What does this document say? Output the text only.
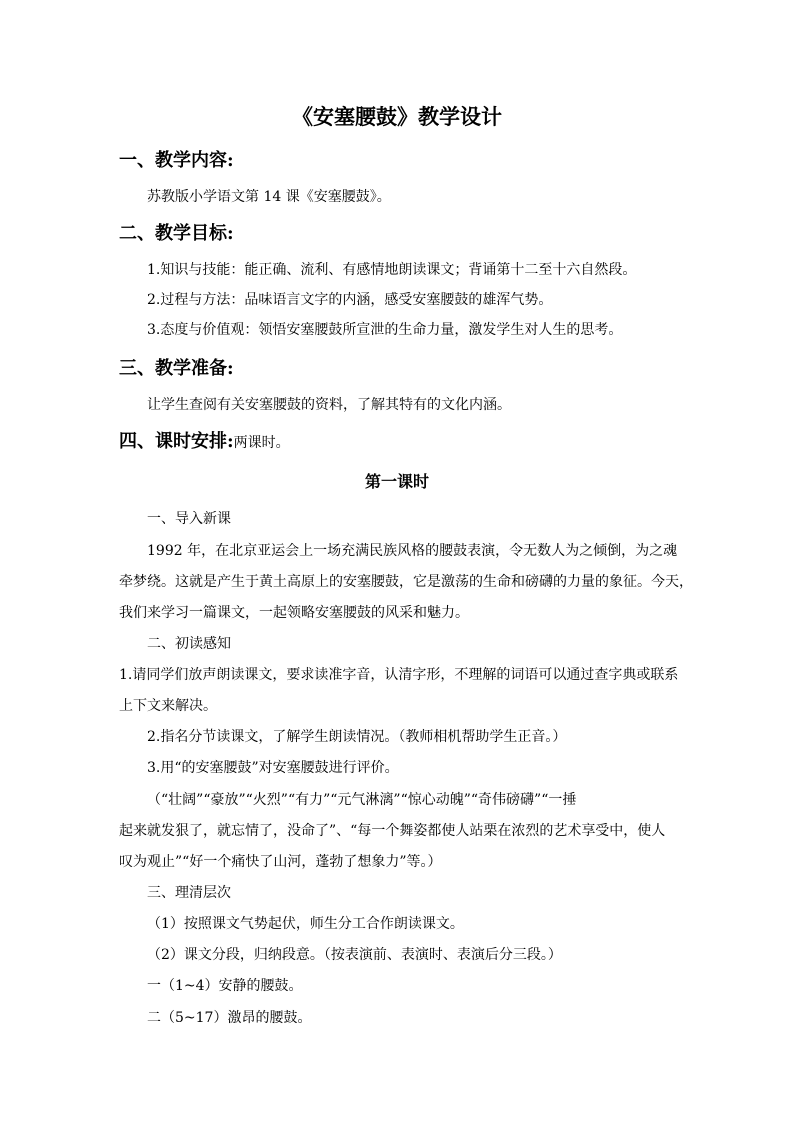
《安塞腰鼓》教学设计
一、教学内容:
苏教版小学语文第 14 课《安塞腰鼓》。
二、教学目标:
1.知识与技能：能正确、流利、有感情地朗读课文；背诵第十二至十六自然段。
2.过程与方法：品味语言文字的内涵，感受安塞腰鼓的雄浑气势。
3.态度与价值观：领悟安塞腰鼓所宣泄的生命力量，激发学生对人生的思考。
三、教学准备:
让学生查阅有关安塞腰鼓的资料，了解其特有的文化内涵。
四、课时安排:两课时。
第一课时
一、导入新课
1992 年，在北京亚运会上一场充满民族风格的腰鼓表演，令无数人为之倾倒，为之魂
牵梦绕。这就是产生于黄土高原上的安塞腰鼓，它是激荡的生命和磅礴的力量的象征。今天，
我们来学习一篇课文，一起领略安塞腰鼓的风采和魅力。
二、初读感知
1.请同学们放声朗读课文，要求读准字音，认清字形，不理解的词语可以通过查字典或联系
上下文来解决。
2.指名分节读课文，了解学生朗读情况。（教师相机帮助学生正音。）
3.用“的安塞腰鼓”对安塞腰鼓进行评价。
（“壮阔”“豪放”“火烈”“有力”“元气淋漓”“惊心动魄”“奇伟磅礴”“一捶
起来就发狠了，就忘情了，没命了”、“每一个舞姿都使人站栗在浓烈的艺术享受中，使人
叹为观止”“好一个痛快了山河，蓬勃了想象力”等。）
三、理清层次
（1）按照课文气势起伏，师生分工合作朗读课文。
（2）课文分段，归纳段意。（按表演前、表演时、表演后分三段。）
一（1~4）安静的腰鼓。
二（5~17）激昂的腰鼓。
